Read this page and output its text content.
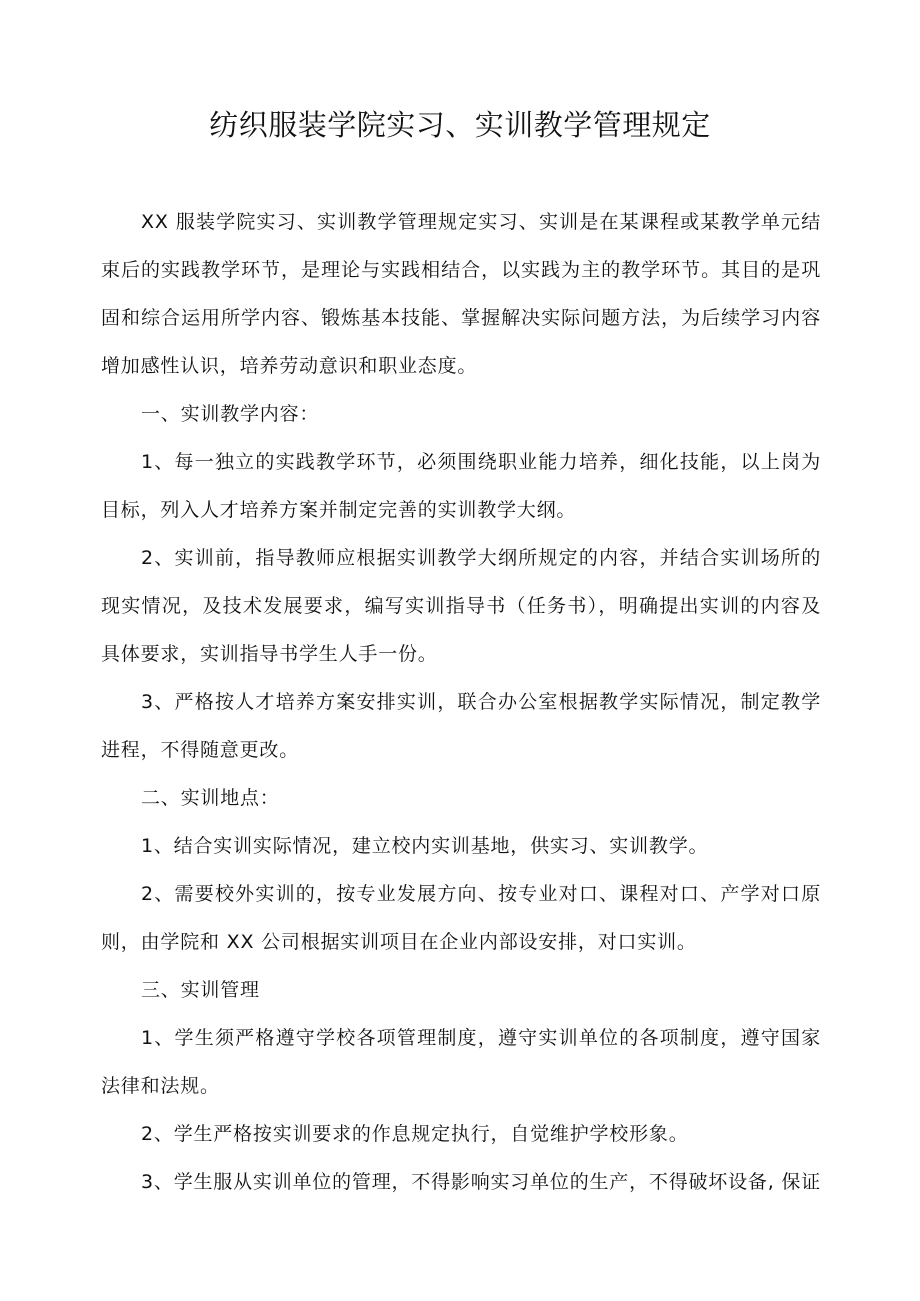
纺织服装学院实习、实训教学管理规定

XX 服装学院实习、实训教学管理规定实习、实训是在某课程或某教学单元结束后的实践教学环节，是理论与实践相结合，以实践为主的教学环节。其目的是巩固和综合运用所学内容、锻炼基本技能、掌握解决实际问题方法，为后续学习内容增加感性认识，培养劳动意识和职业态度。

一、实训教学内容：

1、每一独立的实践教学环节，必须围绕职业能力培养，细化技能，以上岗为目标，列入人才培养方案并制定完善的实训教学大纲。

2、实训前，指导教师应根据实训教学大纲所规定的内容，并结合实训场所的现实情况，及技术发展要求，编写实训指导书（任务书），明确提出实训的内容及具体要求，实训指导书学生人手一份。

3、严格按人才培养方案安排实训，联合办公室根据教学实际情况，制定教学进程，不得随意更改。

二、实训地点：

1、结合实训实际情况，建立校内实训基地，供实习、实训教学。

2、需要校外实训的，按专业发展方向、按专业对口、课程对口、产学对口原则，由学院和 XX 公司根据实训项目在企业内部设安排，对口实训。

三、实训管理

1、学生须严格遵守学校各项管理制度，遵守实训单位的各项制度，遵守国家法律和法规。

2、学生严格按实训要求的作息规定执行，自觉维护学校形象。

3、学生服从实训单位的管理，不得影响实习单位的生产，不得破坏设备, 保证
